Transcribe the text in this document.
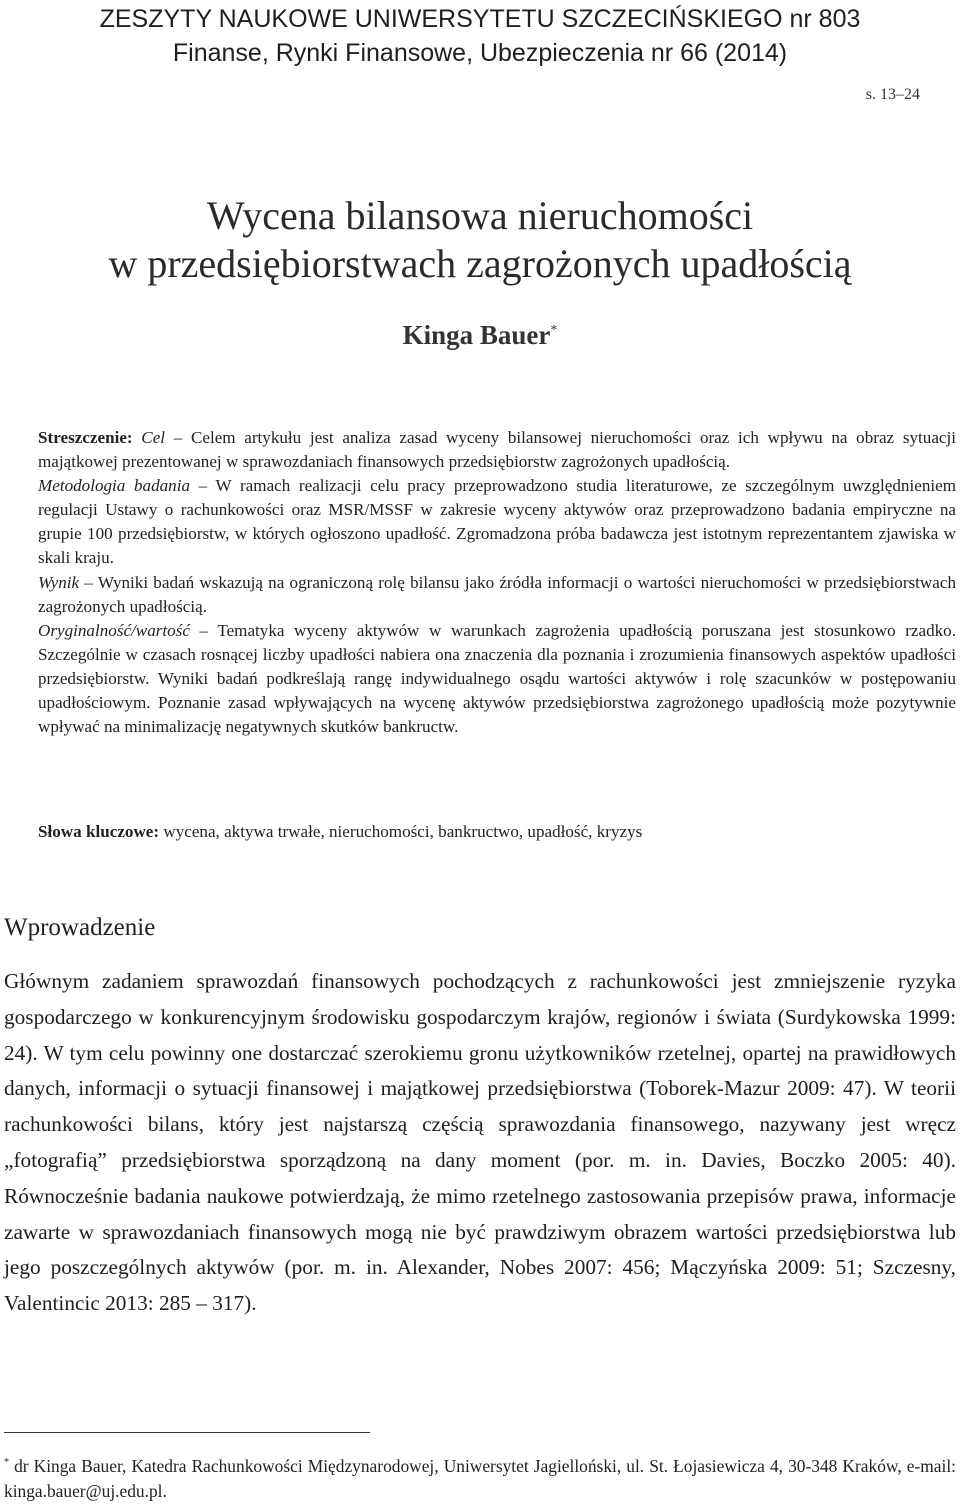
ZESZYTY NAUKOWE UNIWERSYTETU SZCZECIŃSKIEGO nr 803
Finanse, Rynki Finansowe, Ubezpieczenia nr 66 (2014)
s. 13–24
Wycena bilansowa nieruchomości
w przedsiębiorstwach zagrożonych upadłością
Kinga Bauer*

Streszczenie: Cel – Celem artykułu jest analiza zasad wyceny bilansowej nieruchomości oraz ich wpływu na obraz sytuacji majątkowej prezentowanej w sprawozdaniach finansowych przedsiębiorstw zagrożonych upadłością.

Metodologia badania – W ramach realizacji celu pracy przeprowadzono studia literaturowe, ze szczególnym uwzględnieniem regulacji Ustawy o rachunkowości oraz MSR/MSSF w zakresie wyceny aktywów oraz przeprowadzono badania empiryczne na grupie 100 przedsiębiorstw, w których ogłoszono upadłość. Zgromadzona próba badawcza jest istotnym reprezentantem zjawiska w skali kraju.

Wynik – Wyniki badań wskazują na ograniczoną rolę bilansu jako źródła informacji o wartości nieruchomości w przedsiębiorstwach zagrożonych upadłością.

Oryginalność/wartość – Tematyka wyceny aktywów w warunkach zagrożenia upadłością poruszana jest stosunkowo rzadko. Szczególnie w czasach rosnącej liczby upadłości nabiera ona znaczenia dla poznania i zrozumienia finansowych aspektów upadłości przedsiębiorstw. Wyniki badań podkreślają rangę indywidualnego osądu wartości aktywów i rolę szacunków w postępowaniu upadłościowym. Poznanie zasad wpływających na wycenę aktywów przedsiębiorstwa zagrożonego upadłością może pozytywnie wpływać na minimalizację negatywnych skutków bankructw.

Słowa kluczowe: wycena, aktywa trwałe, nieruchomości, bankructwo, upadłość, kryzys
Wprowadzenie

Głównym zadaniem sprawozdań finansowych pochodzących z rachunkowości jest zmniejszenie ryzyka gospodarczego w konkurencyjnym środowisku gospodarczym krajów, regionów i świata (Surdykowska 1999: 24). W tym celu powinny one dostarczać szerokiemu gronu użytkowników rzetelnej, opartej na prawidłowych danych, informacji o sytuacji finansowej i majątkowej przedsiębiorstwa (Toborek-Mazur 2009: 47). W teorii rachunkowości bilans, który jest najstarszą częścią sprawozdania finansowego, nazywany jest wręcz „fotografią” przedsiębiorstwa sporządzoną na dany moment (por. m. in. Davies, Boczko 2005: 40). Równocześnie badania naukowe potwierdzają, że mimo rzetelnego zastosowania przepisów prawa, informacje zawarte w sprawozdaniach finansowych mogą nie być prawdziwym obrazem wartości przedsiębiorstwa lub jego poszczególnych aktywów (por. m. in. Alexander, Nobes 2007: 456; Mączyńska 2009: 51; Szczesny, Valentincic 2013: 285 – 317).

* dr Kinga Bauer, Katedra Rachunkowości Międzynarodowej, Uniwersytet Jagielloński, ul. St. Łojasiewicza 4, 30-348 Kraków, e-mail: kinga.bauer@uj.edu.pl.
